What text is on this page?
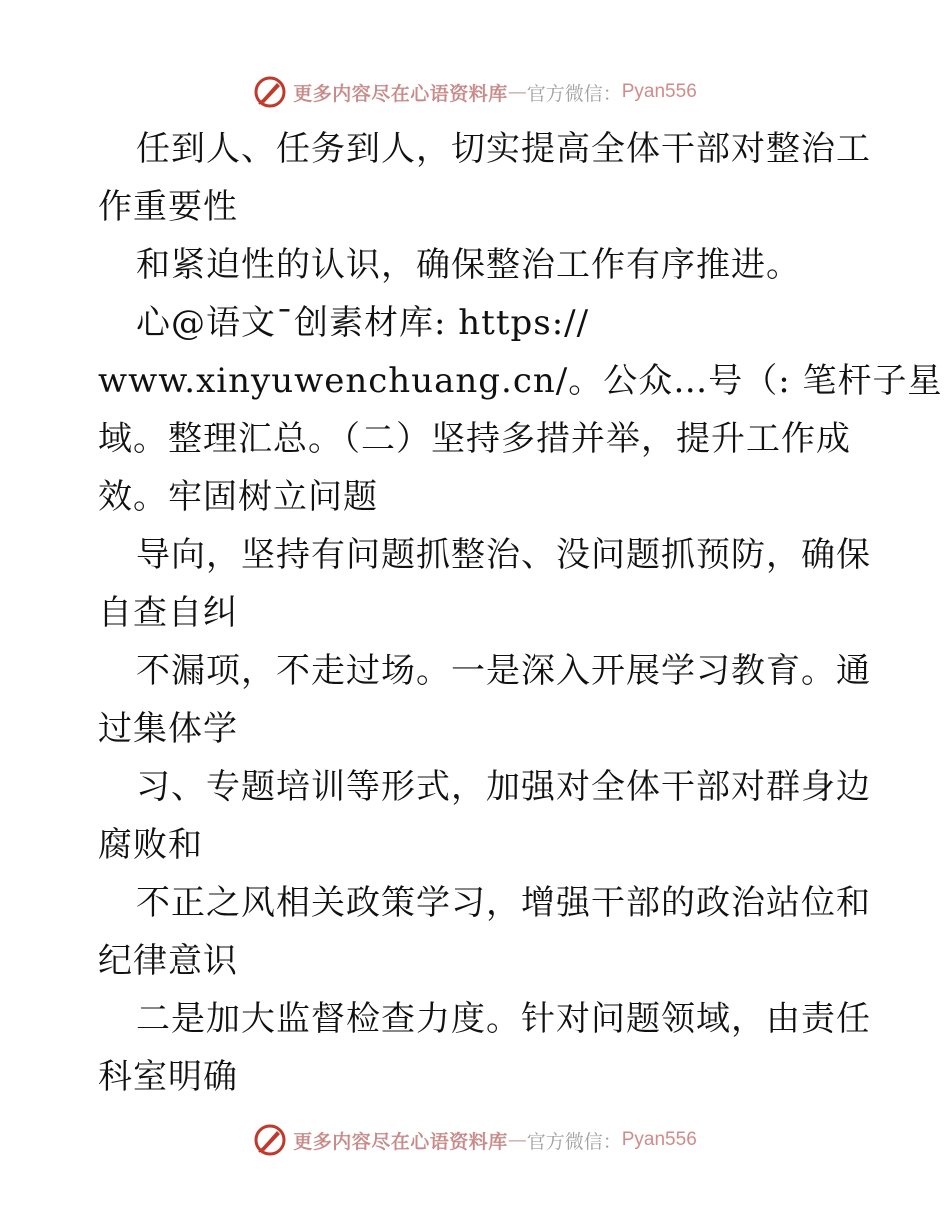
更多内容尽在心语资料库 — 官方微信： Pyan556
任到人、任务到人，切实提高全体干部对整治工
作重要性
和紧迫性的认识，确保整治工作有序推进。
心@语文¯创素材库: https://
www.xinyuwenchuang.cn/。公众…号（: 笔杆子星
域。整理汇总。（二）坚持多措并举，提升工作成
效。牢固树立问题
导向，坚持有问题抓整治、没问题抓预防，确保
自查自纠
不漏项，不走过场。一是深入开展学习教育。通
过集体学
习、专题培训等形式，加强对全体干部对群身边
腐败和
不正之风相关政策学习，增强干部的政治站位和
纪律意识
二是加大监督检查力度。针对问题领域，由责任
科室明确
更多内容尽在心语资料库 — 官方微信： Pyan556
